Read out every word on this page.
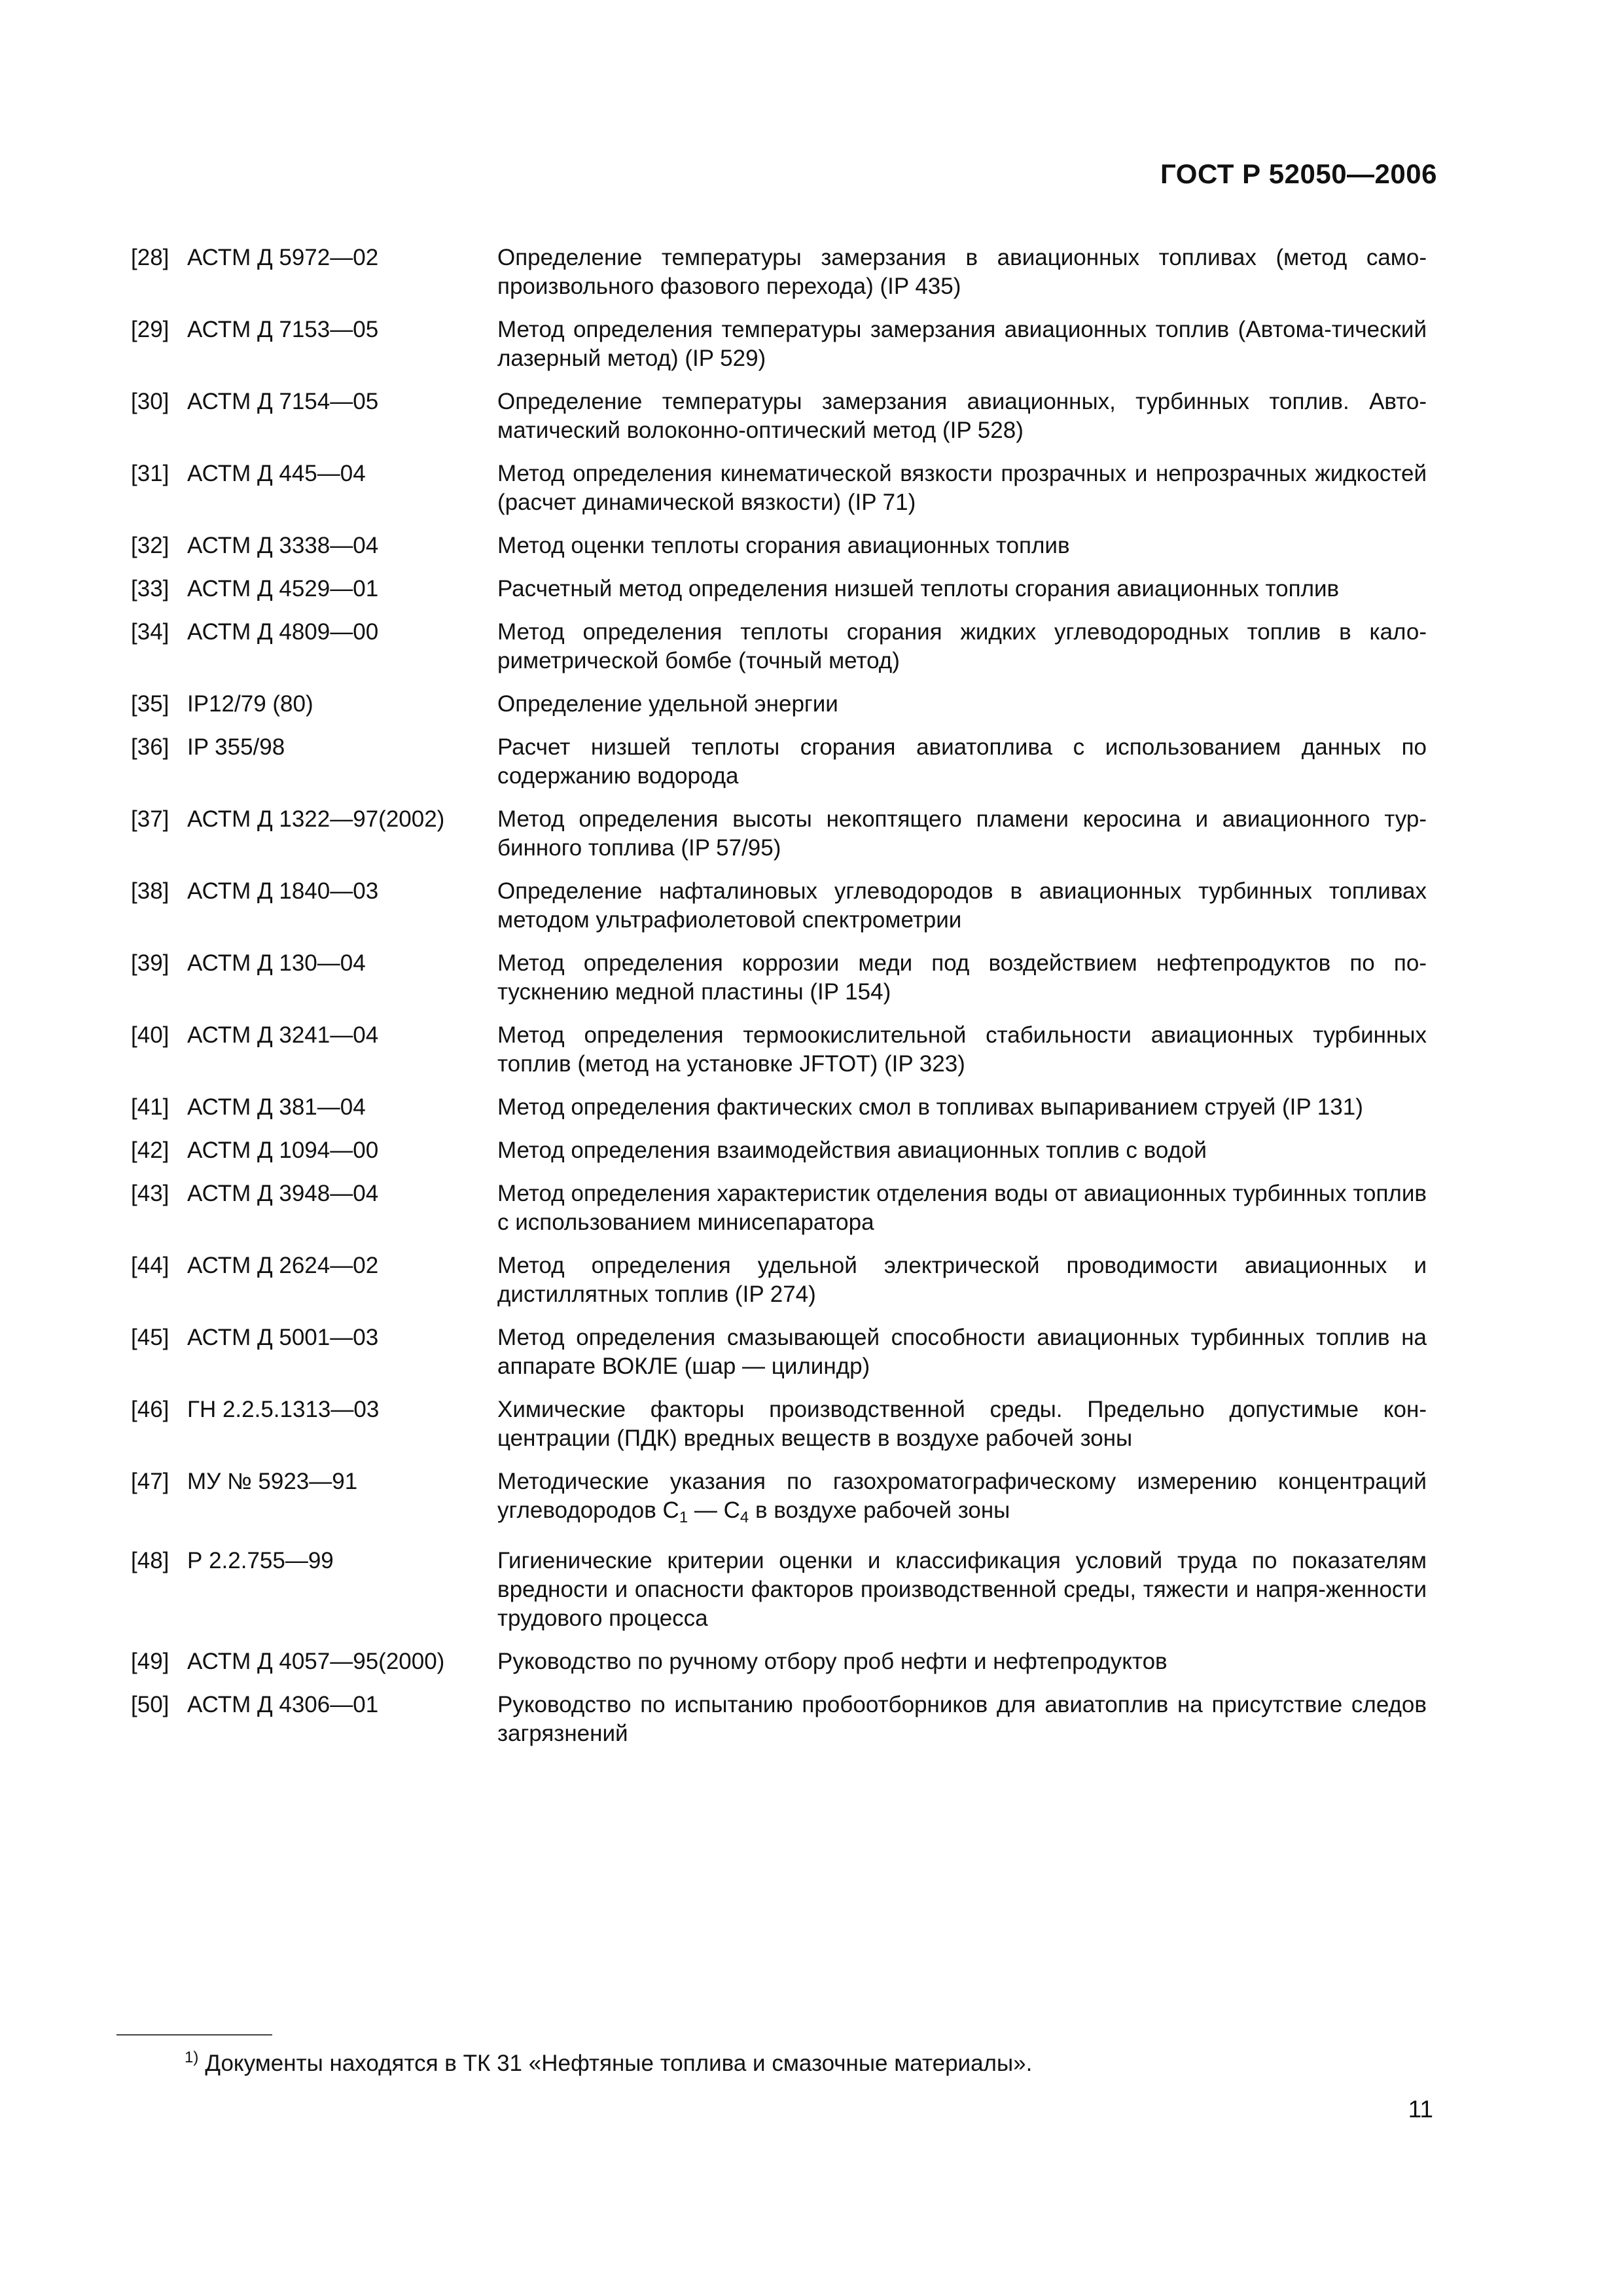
ГОСТ Р 52050—2006
[28] АСТМ Д 5972—02	Определение температуры замерзания в авиационных топливах (метод само-произвольного фазового перехода) (IP 435)
[29] АСТМ Д 7153—05	Метод определения температуры замерзания авиационных топлив (Автома-тический лазерный метод) (IP 529)
[30] АСТМ Д 7154—05	Определение температуры замерзания авиационных, турбинных топлив. Авто-матический волоконно-оптический метод (IP 528)
[31] АСТМ Д 445—04	Метод определения кинематической вязкости прозрачных и непрозрачных жидкостей (расчет динамической вязкости) (IP 71)
[32] АСТМ Д 3338—04	Метод оценки теплоты сгорания авиационных топлив
[33] АСТМ Д 4529—01	Расчетный метод определения низшей теплоты сгорания авиационных топлив
[34] АСТМ Д 4809—00	Метод определения теплоты сгорания жидких углеводородных топлив в кало-риметрической бомбе (точный метод)
[35] IP12/79 (80)	Определение удельной энергии
[36] IP 355/98	Расчет низшей теплоты сгорания авиатоплива с использованием данных по содержанию водорода
[37] АСТМ Д 1322—97(2002)	Метод определения высоты некоптящего пламени керосина и авиационного тур-бинного топлива (IP 57/95)
[38] АСТМ Д 1840—03	Определение нафталиновых углеводородов в авиационных турбинных топливах методом ультрафиолетовой спектрометрии
[39] АСТМ Д 130—04	Метод определения коррозии меди под воздействием нефтепродуктов по по-тускнению медной пластины (IP 154)
[40] АСТМ Д 3241—04	Метод определения термоокислительной стабильности авиационных турбинных топлив (метод на установке JFTOT) (IP 323)
[41] АСТМ Д 381—04	Метод определения фактических смол в топливах выпариванием струей (IP 131)
[42] АСТМ Д 1094—00	Метод определения взаимодействия авиационных топлив с водой
[43] АСТМ Д 3948—04	Метод определения характеристик отделения воды от авиационных турбинных топлив с использованием минисепаратора
[44] АСТМ Д 2624—02	Метод определения удельной электрической проводимости авиационных и дистиллятных топлив (IP 274)
[45] АСТМ Д 5001—03	Метод определения смазывающей способности авиационных турбинных топлив на аппарате ВОКЛЕ (шар — цилиндр)
[46] ГН 2.2.5.1313—03	Химические факторы производственной среды. Предельно допустимые кон-центрации (ПДК) вредных веществ в воздухе рабочей зоны
[47] МУ № 5923—91	Методические указания по газохроматографическому измерению концентраций углеводородов $С_1$ — $С_4$ в воздухе рабочей зоны
[48] Р 2.2.755—99	Гигиенические критерии оценки и классификация условий труда по показателям вредности и опасности факторов производственной среды, тяжести и напря-женности трудового процесса
[49] АСТМ Д 4057—95(2000)	Руководство по ручному отбору проб нефти и нефтепродуктов
[50] АСТМ Д 4306—01	Руководство по испытанию пробоотборников для авиатоплив на присутствие следов загрязнений
$^{1)}$ Документы находятся в ТК 31 «Нефтяные топлива и смазочные материалы».
11
